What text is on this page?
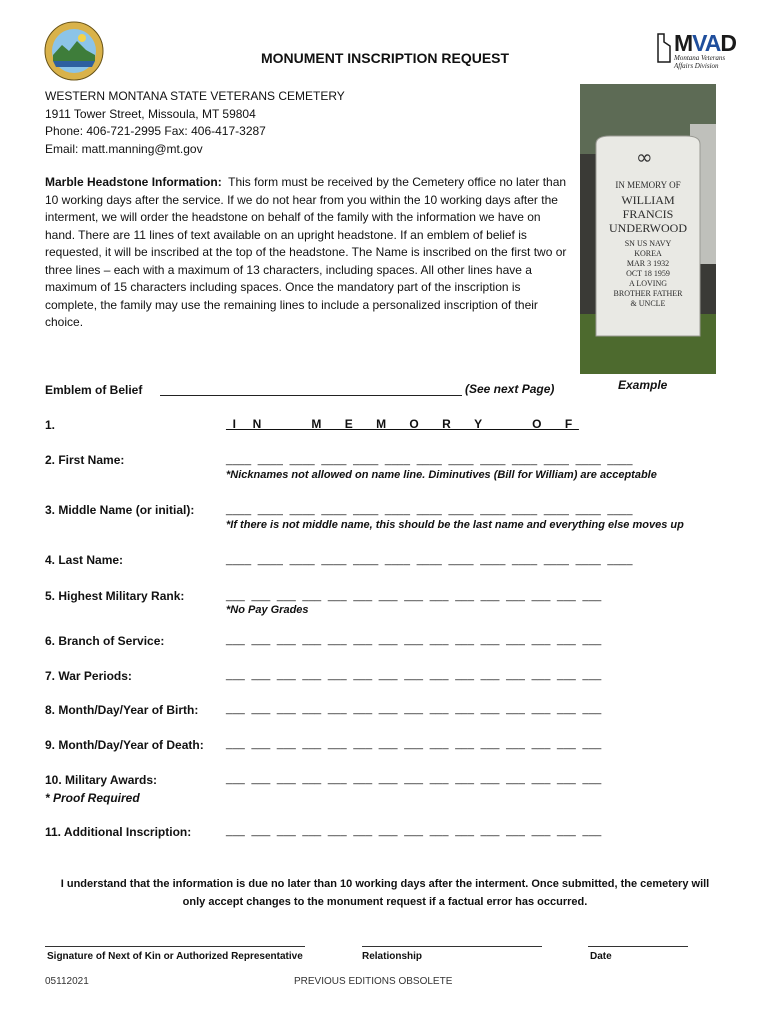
MVAD
Montana Veterans
Affairs Division
MONUMENT INSCRIPTION REQUEST
WESTERN MONTANA STATE VETERANS CEMETERY
1911 Tower Street, Missoula, MT 59804
Phone: 406-721-2995 Fax: 406-417-3287
Email: matt.manning@mt.gov
Marble Headstone Information: This form must be received by the Cemetery office no later than 10 working days after the service. If we do not hear from you within the 10 working days after the interment, we will order the headstone on behalf of the family with the information we have on hand. There are 11 lines of text available on an upright headstone. If an emblem of belief is requested, it will be inscribed at the top of the headstone. The Name is inscribed on the first two or three lines – each with a maximum of 13 characters, including spaces. All other lines have a maximum of 15 characters including spaces. Once the mandatory part of the inscription is complete, the family may use the remaining lines to include a personalized inscription of their choice.
∞
IN MEMORY OF
WILLIAM
FRANCIS
UNDERWOOD
SN US NAVY
KOREA
MAR 3 1932
OCT 18 1959
A LOVING
BROTHER FATHER
& UNCLE
Example
Emblem of Belief	(See next Page)
1.	_I_   N_   ___  _M_   _E_   _M_   _O_   _R_   _Y_   ___  _O_   _F_
2. First Name:	____  ____  ____  ____  ____  ____  ____  ____  ____  ____  ____  ____  ____
*Nicknames not allowed on name line. Diminutives (Bill for William) are acceptable
3. Middle Name (or initial):	____  ____  ____  ____  ____  ____  ____  ____  ____  ____  ____  ____  ____
*If there is not middle name, this should be the last name and everything else moves up
4. Last Name:	____  ____  ____  ____  ____  ____  ____  ____  ____  ____  ____  ____  ____
5. Highest Military Rank:	___  ___  ___  ___  ___  ___  ___  ___  ___  ___  ___  ___  ___  ___  ___
*No Pay Grades
6. Branch of Service:	___  ___  ___  ___  ___  ___  ___  ___  ___  ___  ___  ___  ___  ___  ___
7. War Periods:	___  ___  ___  ___  ___  ___  ___  ___  ___  ___  ___  ___  ___  ___  ___
8. Month/Day/Year of Birth:	___  ___  ___  ___  ___  ___  ___  ___  ___  ___  ___  ___  ___  ___  ___
9. Month/Day/Year of Death: ___  ___  ___  ___  ___  ___  ___  ___  ___  ___  ___  ___  ___  ___  ___
10. Military Awards:
* Proof Required
___  ___  ___  ___  ___  ___  ___  ___  ___  ___  ___  ___  ___  ___  ___
11. Additional Inscription:	___  ___  ___  ___  ___  ___  ___  ___  ___  ___  ___  ___  ___  ___  ___
I understand that the information is due no later than 10 working days after the interment. Once submitted, the cemetery will
only accept changes to the monument request if a factual error has occurred.
Signature of Next of Kin or Authorized Representative	Relationship	Date
05112021	PREVIOUS EDITIONS OBSOLETE
